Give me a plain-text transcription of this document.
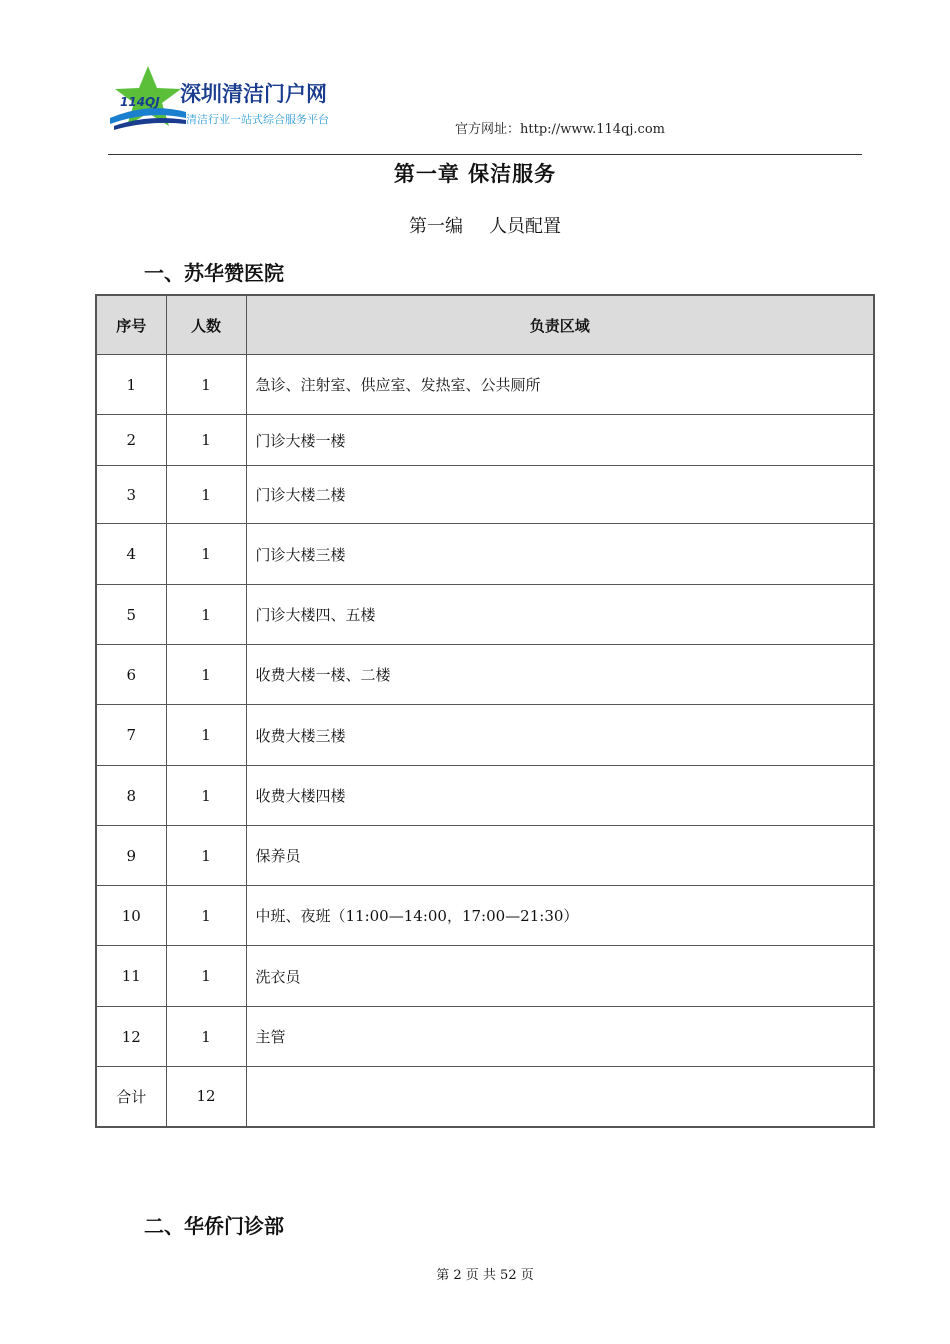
114QJ 深圳清洁门户网
清洁行业一站式综合服务平台
官方网址：http://www.114qj.com
第一章 保洁服务
第一编 人员配置
一、苏华赞医院
序号	人数	负责区域
1	1	急诊、注射室、供应室、发热室、公共厕所
2	1	门诊大楼一楼
3	1	门诊大楼二楼
4	1	门诊大楼三楼
5	1	门诊大楼四、五楼
6	1	收费大楼一楼、二楼
7	1	收费大楼三楼
8	1	收费大楼四楼
9	1	保养员
10	1	中班、夜班（11:00—14:00，17:00—21:30）
11	1	洗衣员
12	1	主管
合计	12	
二、华侨门诊部
第 2 页 共 52 页
